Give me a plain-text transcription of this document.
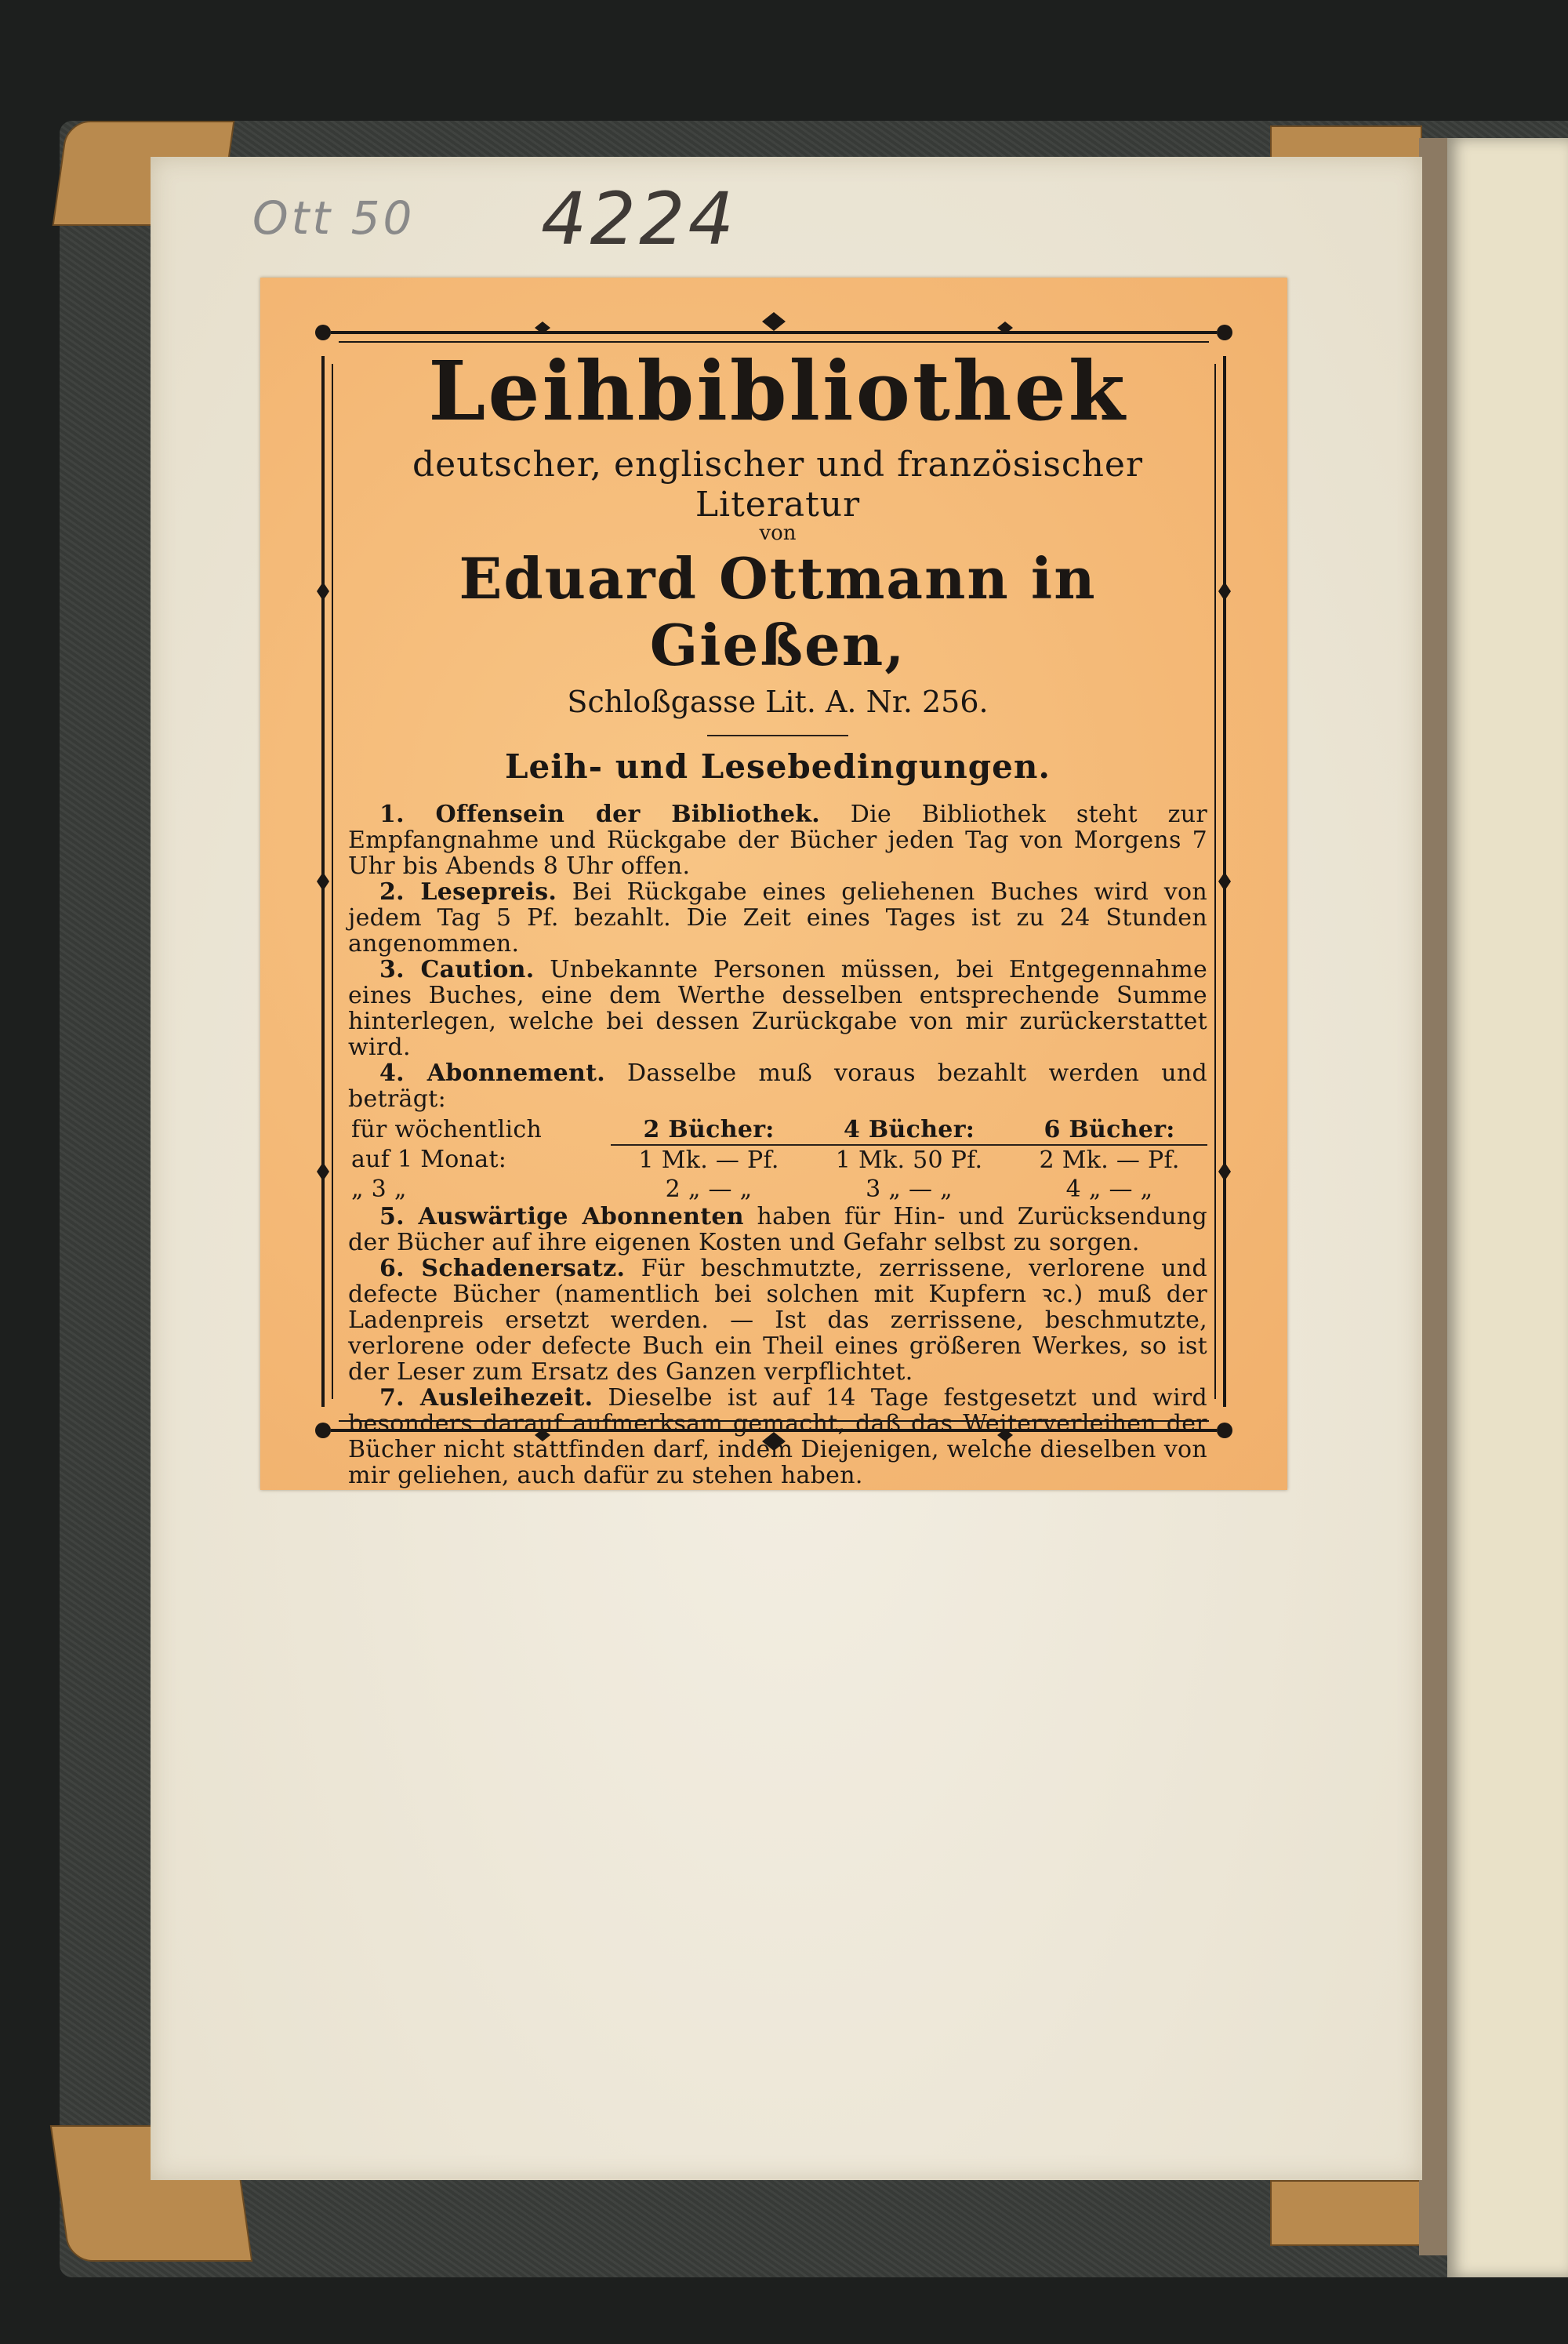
Ott 50 4224
Leihbibliothek
deutscher, englischer und französischer Literatur
von
Eduard Ottmann in Gießen,
Schloßgasse Lit. A. Nr. 256.
Leih- und Lesebedingungen.

1. Offensein der Bibliothek. Die Bibliothek steht zur Empfangnahme und Rückgabe der Bücher jeden Tag von Morgens 7 Uhr bis Abends 8 Uhr offen.

2. Lesepreis. Bei Rückgabe eines geliehenen Buches wird von jedem Tag 5 Pf. bezahlt. Die Zeit eines Tages ist zu 24 Stunden angenommen.

3. Caution. Unbekannte Personen müssen, bei Entgegennahme eines Buches, eine dem Werthe desselben entsprechende Summe hinterlegen, welche bei dessen Zurückgabe von mir zurückerstattet wird.

4. Abonnement. Dasselbe muß voraus bezahlt werden und beträgt:

für wöchentlich	2 Bücher:	4 Bücher:	6 Bücher:
auf 1 Monat:	1 Mk. — Pf.	1 Mk. 50 Pf.	2 Mk. — Pf.
„ 3 „	2 „ — „	3 „ — „	4 „ — „

5. Auswärtige Abonnenten haben für Hin- und Zurücksendung der Bücher auf ihre eigenen Kosten und Gefahr selbst zu sorgen.

6. Schadenersatz. Für beschmutzte, zerrissene, verlorene und defecte Bücher (namentlich bei solchen mit Kupfern ꝛc.) muß der Ladenpreis ersetzt werden. — Ist das zerrissene, beschmutzte, verlorene oder defecte Buch ein Theil eines größeren Werkes, so ist der Leser zum Ersatz des Ganzen verpflichtet.

7. Ausleihezeit. Dieselbe ist auf 14 Tage festgesetzt und wird besonders darauf aufmerksam gemacht, daß das Weiterverleihen der Bücher nicht stattfinden darf, indem Diejenigen, welche dieselben von mir geliehen, auch dafür zu stehen haben.
